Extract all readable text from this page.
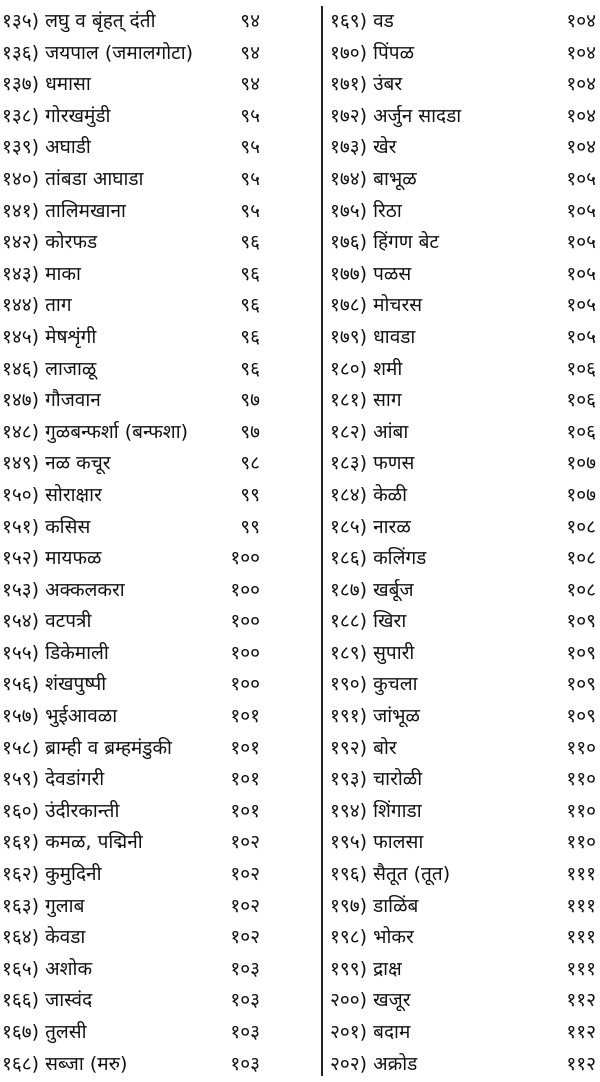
१३५) लघु व बृंहत् दंती	९४
१३६) जयपाल (जमालगोटा) ९४
१३७) धमासा	९४
१३८) गोरखमुंडी	९५
१३९) अघाडी	९५
१४०) तांबडा आघाडा	९५
१४१) तालिमखाना	९५
१४२) कोरफड	९६
१४३) माका	९६
१४४) ताग	९६
१४५) मेषशृंगी	९६
१४६) लाजाळू	९६
१४७) गौजवान	९७
१४८) गुळबन्फर्शा (बन्फशा)	९७
१४९) नळ कचूर	९८
१५०) सोराक्षार	९९
१५१) कसिस	९९
१५२) मायफळ	१००
१५३) अक्कलकरा	१००
१५४) वटपत्री	१००
१५५) डिकेमाली	१००
१५६) शंखपुष्पी	१००
१५७) भुईआवळा	१०१
१५८) ब्राम्ही व ब्रम्हमंडुकी	१०१
१५९) देवडांगरी	१०१
१६०) उंदीरकान्ती	१०१
१६१) कमळ, पद्मिनी	१०२
१६२) कुमुदिनी	१०२
१६३) गुलाब	१०२
१६४) केवडा	१०२
१६५) अशोक	१०३
१६६) जास्वंद	१०३
१६७) तुलसी	१०३
१६८) सब्जा (मरु)	१०३
१६९) वड	१०४
१७०) पिंपळ	१०४
१७१) उंबर	१०४
१७२) अर्जुन सादडा	१०४
१७३) खेर	१०४
१७४) बाभूळ	१०५
१७५) रिठा	१०५
१७६) हिंगण बेट	१०५
१७७) पळस	१०५
१७८) मोचरस	१०५
१७९) धावडा	१०५
१८०) शमी	१०६
१८१) साग	१०६
१८२) आंबा	१०६
१८३) फणस	१०७
१८४) केळी	१०७
१८५) नारळ	१०८
१८६) कलिंगड	१०८
१८७) खर्बूज	१०८
१८८) खिरा	१०९
१८९) सुपारी	१०९
१९०) कुचला	१०९
१९१) जांभूळ	१०९
१९२) बोर	११०
१९३) चारोळी	११०
१९४) शिंगाडा	११०
१९५) फालसा	११०
१९६) सैतूत (तूत)	१११
१९७) डाळिंब	१११
१९८) भोकर	१११
१९९) द्राक्ष	१११
२००) खजूर	११२
२०१) बदाम	११२
२०२) अक्रोड	११२
